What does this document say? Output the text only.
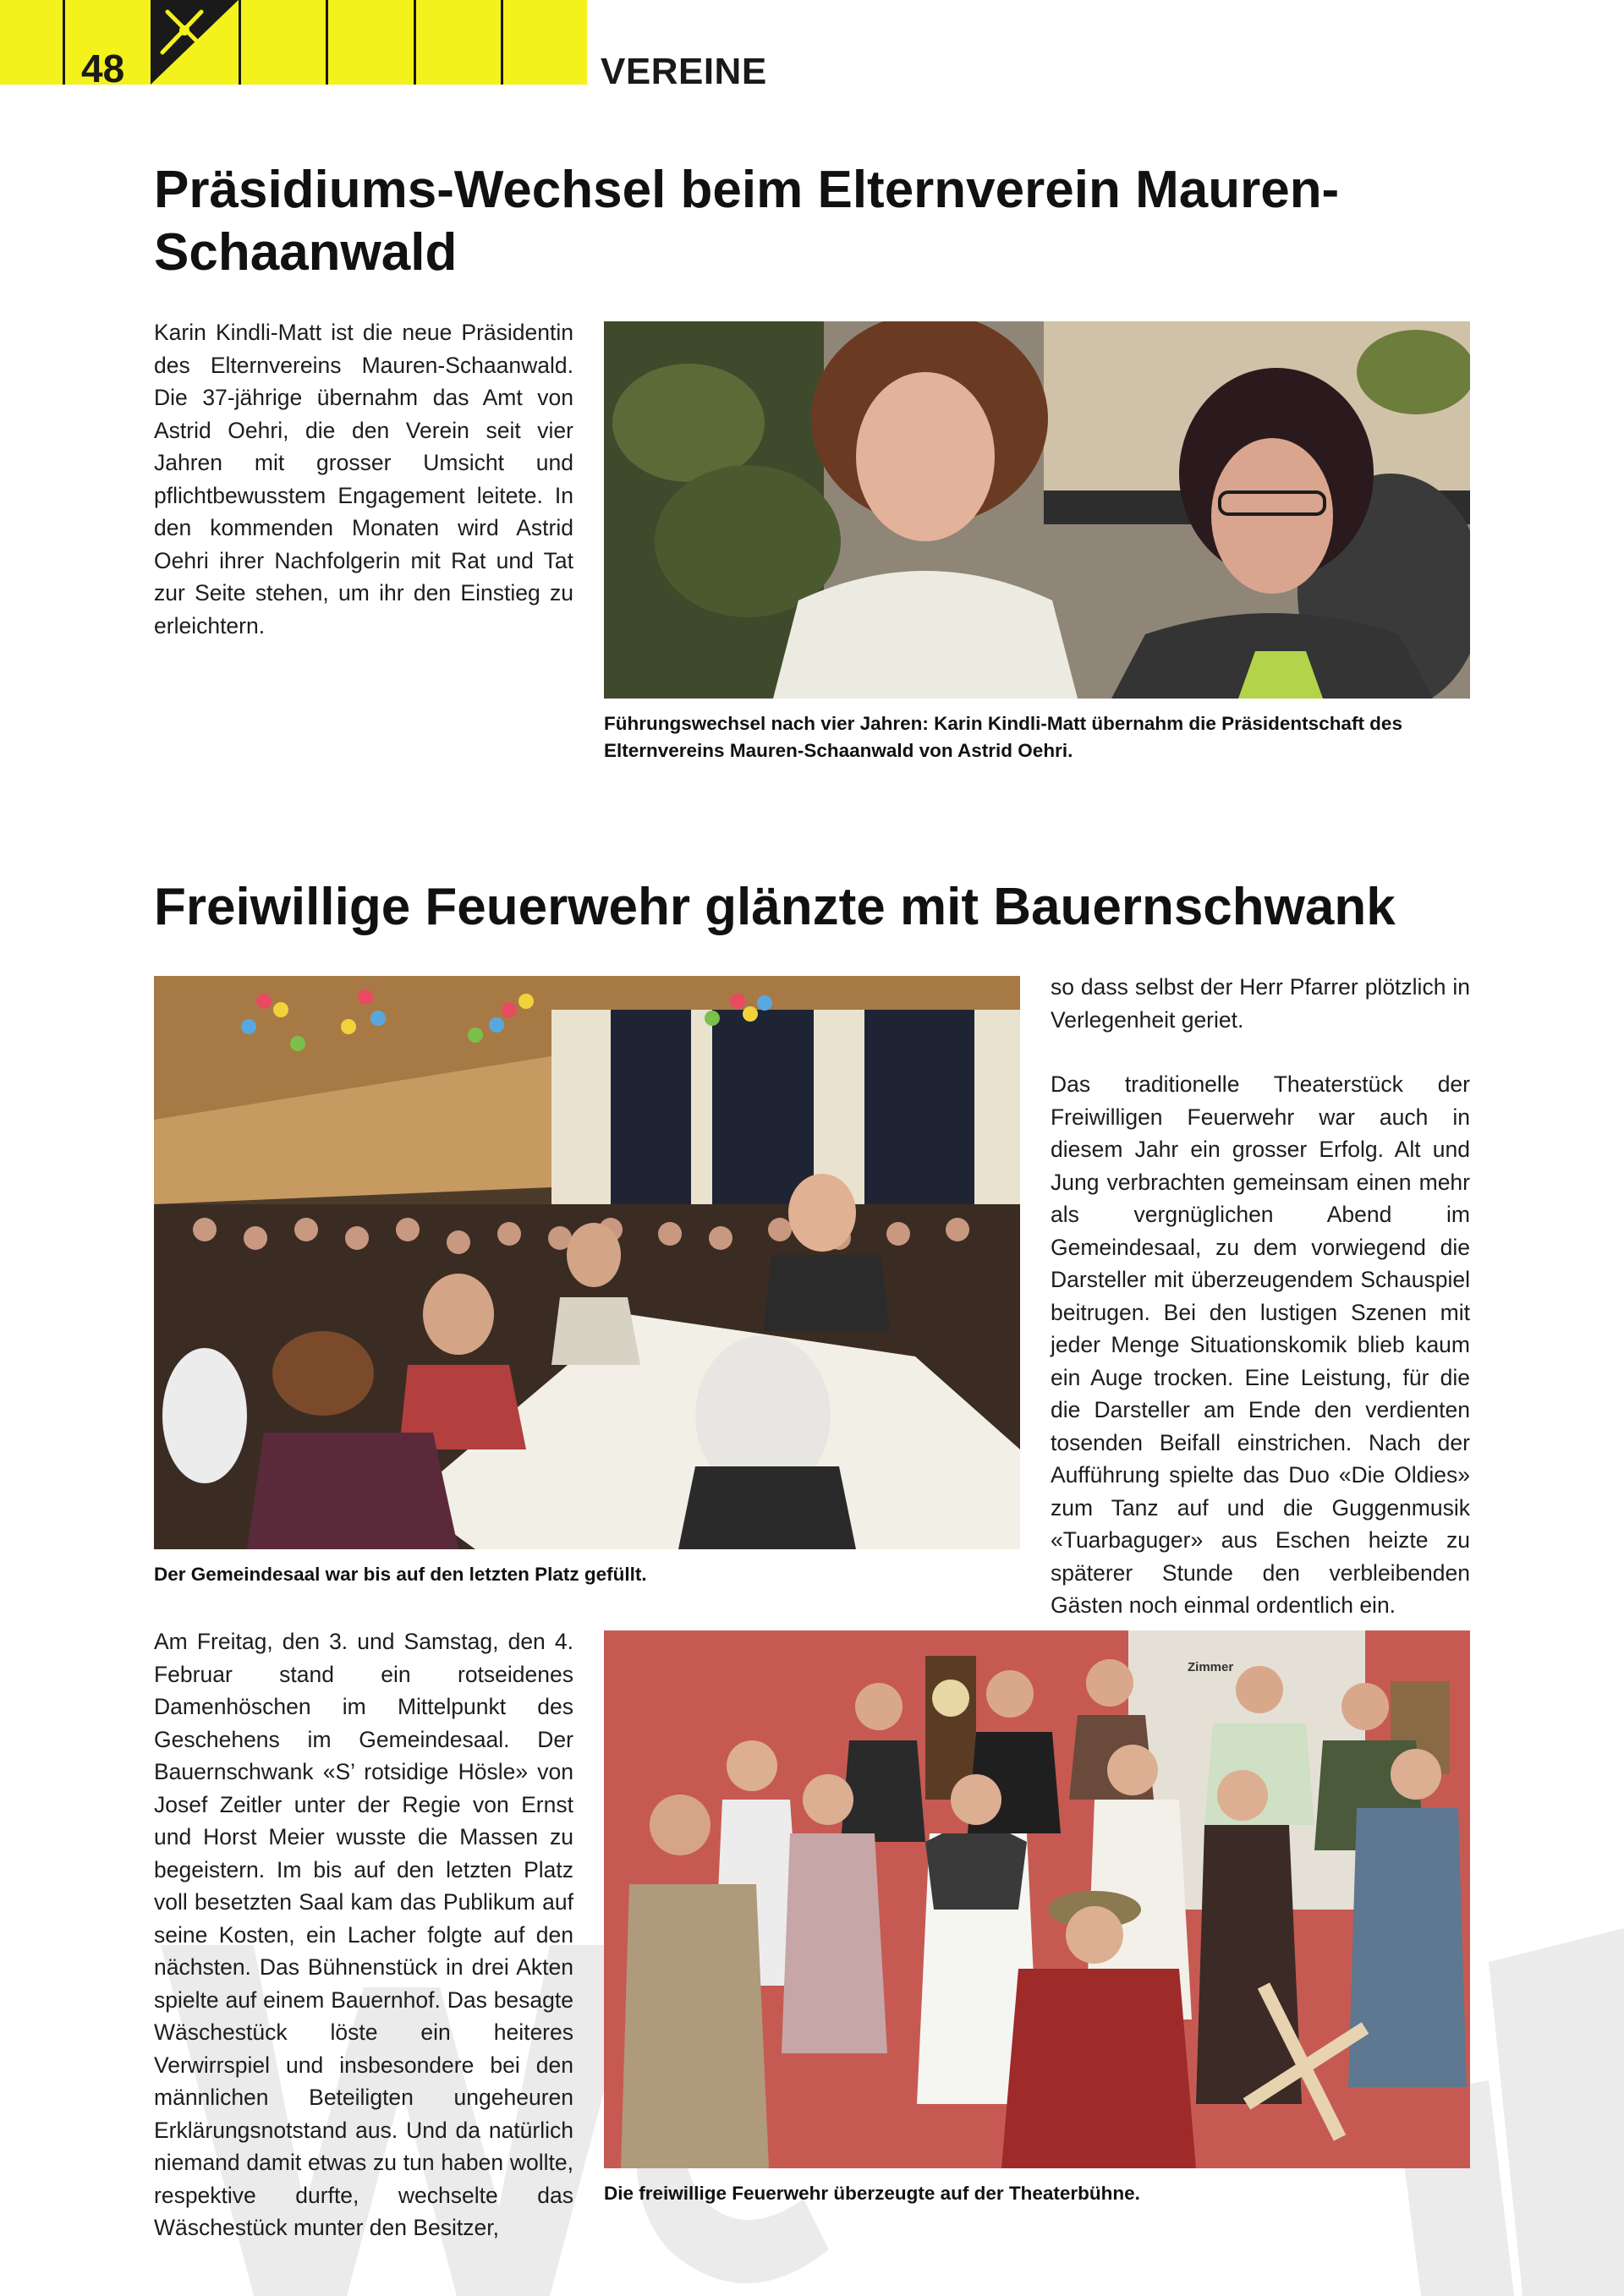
48	VEREINE
Präsidiums-Wechsel beim Elternverein Mauren-Schaanwald

Karin Kindli-Matt ist die neue Präsidentin des Elternvereins Mauren-Schaanwald. Die 37-jährige übernahm das Amt von Astrid Oehri, die den Verein seit vier Jahren mit grosser Umsicht und pflichtbewusstem Engagement leitete. In den kommenden Monaten wird Astrid Oehri ihrer Nachfolgerin mit Rat und Tat zur Seite stehen, um ihr den Einstieg zu erleichtern.

Führungswechsel nach vier Jahren: Karin Kindli-Matt übernahm die Präsidentschaft des Elternvereins Mauren-Schaanwald von Astrid Oehri.

Freiwillige Feuerwehr glänzte mit Bauernschwank

Der Gemeindesaal war bis auf den letzten Platz gefüllt.

so dass selbst der Herr Pfarrer plötzlich in Verlegenheit geriet.

Das traditionelle Theaterstück der Freiwilligen Feuerwehr war auch in diesem Jahr ein grosser Erfolg. Alt und Jung verbrachten gemeinsam einen mehr als vergnüglichen Abend im Gemeindesaal, zu dem vorwiegend die Darsteller mit überzeugendem Schauspiel beitrugen. Bei den lustigen Szenen mit jeder Menge Situationskomik blieb kaum ein Auge trocken. Eine Leistung, für die die Darsteller am Ende den verdienten tosenden Beifall einstrichen. Nach der Aufführung spielte das Duo «Die Oldies» zum Tanz auf und die Guggenmusik «Tuarbaguger» aus Eschen heizte zu späterer Stunde den verbleibenden Gästen noch einmal ordentlich ein.

Am Freitag, den 3. und Samstag, den 4. Februar stand ein rotseidenes Damenhöschen im Mittelpunkt des Geschehens im Gemeindesaal. Der Bauernschwank «S’ rotsidige Hösle» von Josef Zeitler unter der Regie von Ernst und Horst Meier wusste die Massen zu begeistern. Im bis auf den letzten Platz voll besetzten Saal kam das Publikum auf seine Kosten, ein Lacher folgte auf den nächsten. Das Bühnenstück in drei Akten spielte auf einem Bauernhof. Das besagte Wäschestück löste ein heiteres Verwirrspiel und insbesondere bei den männlichen Beteiligten ungeheuren Erklärungsnotstand aus. Und da natürlich niemand damit etwas zu tun haben wollte, respektive durfte, wechselte das Wäschestück munter den Besitzer,

Zimmer

Die freiwillige Feuerwehr überzeugte auf der Theaterbühne.
